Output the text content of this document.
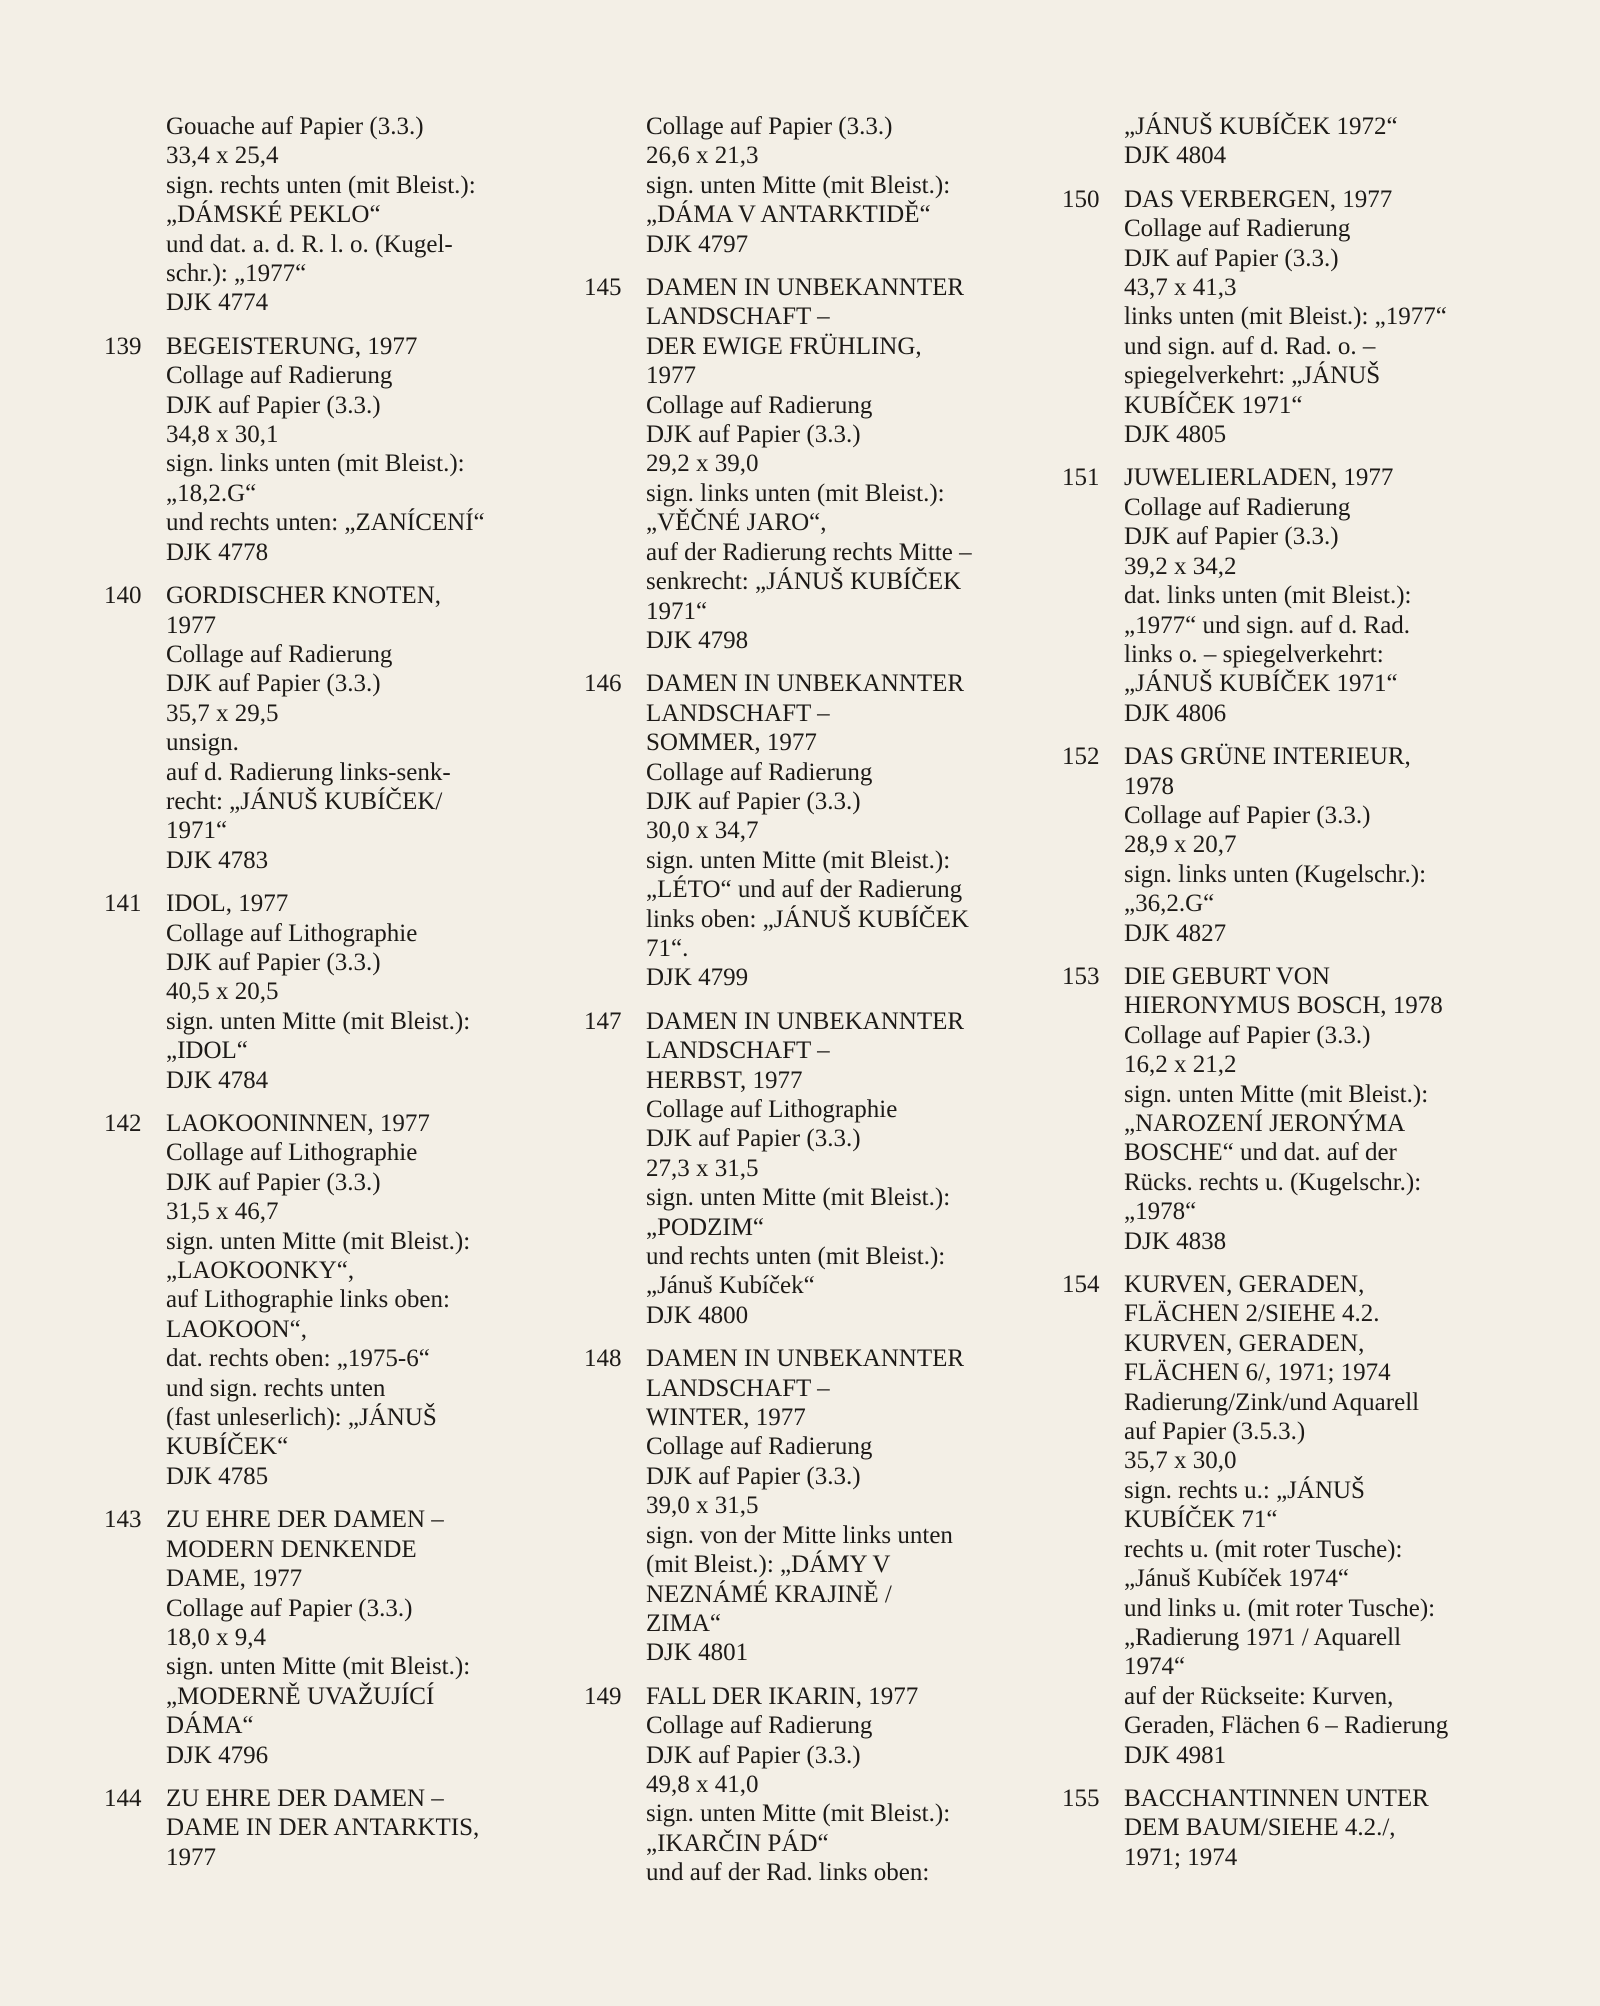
Gouache auf Papier (3.3.)
33,4 x 25,4
sign. rechts unten (mit Bleist.):
„DÁMSKÉ PEKLO“
und dat. a. d. R. l. o. (Kugel-
schr.): „1977“
DJK 4774
139 BEGEISTERUNG, 1977
Collage auf Radierung
DJK auf Papier (3.3.)
34,8 x 30,1
sign. links unten (mit Bleist.):
„18,2.G“
und rechts unten: „ZANÍCENÍ“
DJK 4778
140 GORDISCHER KNOTEN,
1977
Collage auf Radierung
DJK auf Papier (3.3.)
35,7 x 29,5
unsign.
auf d. Radierung links-senk-
recht: „JÁNUŠ KUBÍČEK/
1971“
DJK 4783
141 IDOL, 1977
Collage auf Lithographie
DJK auf Papier (3.3.)
40,5 x 20,5
sign. unten Mitte (mit Bleist.):
„IDOL“
DJK 4784
142 LAOKOONINNEN, 1977
Collage auf Lithographie
DJK auf Papier (3.3.)
31,5 x 46,7
sign. unten Mitte (mit Bleist.):
„LAOKOONKY“,
auf Lithographie links oben:
LAOKOON“,
dat. rechts oben: „1975-6“
und sign. rechts unten
(fast unleserlich): „JÁNUŠ
KUBÍČEK“
DJK 4785
143 ZU EHRE DER DAMEN –
MODERN DENKENDE
DAME, 1977
Collage auf Papier (3.3.)
18,0 x 9,4
sign. unten Mitte (mit Bleist.):
„MODERNĚ UVAŽUJÍCÍ
DÁMA“
DJK 4796
144 ZU EHRE DER DAMEN –
DAME IN DER ANTARKTIS,
1977
Collage auf Papier (3.3.)
26,6 x 21,3
sign. unten Mitte (mit Bleist.):
„DÁMA V ANTARKTIDĚ“
DJK 4797
145 DAMEN IN UNBEKANNTER
LANDSCHAFT –
DER EWIGE FRÜHLING,
1977
Collage auf Radierung
DJK auf Papier (3.3.)
29,2 x 39,0
sign. links unten (mit Bleist.):
„VĚČNÉ JARO“,
auf der Radierung rechts Mitte –
senkrecht: „JÁNUŠ KUBÍČEK
1971“
DJK 4798
146 DAMEN IN UNBEKANNTER
LANDSCHAFT –
SOMMER, 1977
Collage auf Radierung
DJK auf Papier (3.3.)
30,0 x 34,7
sign. unten Mitte (mit Bleist.):
„LÉTO“ und auf der Radierung
links oben: „JÁNUŠ KUBÍČEK
71“.
DJK 4799
147 DAMEN IN UNBEKANNTER
LANDSCHAFT –
HERBST, 1977
Collage auf Lithographie
DJK auf Papier (3.3.)
27,3 x 31,5
sign. unten Mitte (mit Bleist.):
„PODZIM“
und rechts unten (mit Bleist.):
„Jánuš Kubíček“
DJK 4800
148 DAMEN IN UNBEKANNTER
LANDSCHAFT –
WINTER, 1977
Collage auf Radierung
DJK auf Papier (3.3.)
39,0 x 31,5
sign. von der Mitte links unten
(mit Bleist.): „DÁMY V
NEZNÁMÉ KRAJINĚ /
ZIMA“
DJK 4801
149 FALL DER IKARIN, 1977
Collage auf Radierung
DJK auf Papier (3.3.)
49,8 x 41,0
sign. unten Mitte (mit Bleist.):
„IKARČIN PÁD“
und auf der Rad. links oben:
„JÁNUŠ KUBÍČEK 1972“
DJK 4804
150 DAS VERBERGEN, 1977
Collage auf Radierung
DJK auf Papier (3.3.)
43,7 x 41,3
links unten (mit Bleist.): „1977“
und sign. auf d. Rad. o. –
spiegelverkehrt: „JÁNUŠ
KUBÍČEK 1971“
DJK 4805
151 JUWELIERLADEN, 1977
Collage auf Radierung
DJK auf Papier (3.3.)
39,2 x 34,2
dat. links unten (mit Bleist.):
„1977“ und sign. auf d. Rad.
links o. – spiegelverkehrt:
„JÁNUŠ KUBÍČEK 1971“
DJK 4806
152 DAS GRÜNE INTERIEUR,
1978
Collage auf Papier (3.3.)
28,9 x 20,7
sign. links unten (Kugelschr.):
„36,2.G“
DJK 4827
153 DIE GEBURT VON
HIERONYMUS BOSCH, 1978
Collage auf Papier (3.3.)
16,2 x 21,2
sign. unten Mitte (mit Bleist.):
„NAROZENÍ JERONÝMA
BOSCHE“ und dat. auf der
Rücks. rechts u. (Kugelschr.):
„1978“
DJK 4838
154 KURVEN, GERADEN,
FLÄCHEN 2/SIEHE 4.2.
KURVEN, GERADEN,
FLÄCHEN 6/, 1971; 1974
Radierung/Zink/und Aquarell
auf Papier (3.5.3.)
35,7 x 30,0
sign. rechts u.: „JÁNUŠ
KUBÍČEK 71“
rechts u. (mit roter Tusche):
„Jánuš Kubíček 1974“
und links u. (mit roter Tusche):
„Radierung 1971 / Aquarell
1974“
auf der Rückseite: Kurven,
Geraden, Flächen 6 – Radierung
DJK 4981
155 BACCHANTINNEN UNTER
DEM BAUM/SIEHE 4.2./,
1971; 1974
